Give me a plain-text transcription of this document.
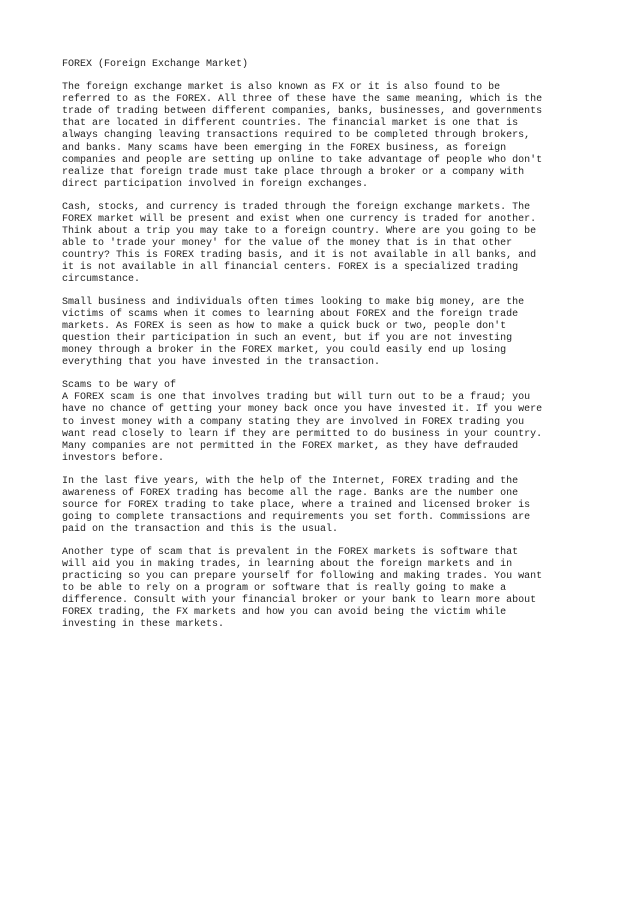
FOREX (Foreign Exchange Market)
The foreign exchange market is also known as FX or it is also found to be
referred to as the FOREX. All three of these have the same meaning, which is the
trade of trading between different companies, banks, businesses, and governments
that are located in different countries. The financial market is one that is
always changing leaving transactions required to be completed through brokers,
and banks. Many scams have been emerging in the FOREX business, as foreign
companies and people are setting up online to take advantage of people who don't
realize that foreign trade must take place through a broker or a company with
direct participation involved in foreign exchanges.
Cash, stocks, and currency is traded through the foreign exchange markets. The
FOREX market will be present and exist when one currency is traded for another.
Think about a trip you may take to a foreign country. Where are you going to be
able to 'trade your money' for the value of the money that is in that other
country? This is FOREX trading basis, and it is not available in all banks, and
it is not available in all financial centers. FOREX is a specialized trading
circumstance.
Small business and individuals often times looking to make big money, are the
victims of scams when it comes to learning about FOREX and the foreign trade
markets. As FOREX is seen as how to make a quick buck or two, people don't
question their participation in such an event, but if you are not investing
money through a broker in the FOREX market, you could easily end up losing
everything that you have invested in the transaction.
Scams to be wary of
A FOREX scam is one that involves trading but will turn out to be a fraud; you
have no chance of getting your money back once you have invested it. If you were
to invest money with a company stating they are involved in FOREX trading you
want read closely to learn if they are permitted to do business in your country.
Many companies are not permitted in the FOREX market, as they have defrauded
investors before.
In the last five years, with the help of the Internet, FOREX trading and the
awareness of FOREX trading has become all the rage. Banks are the number one
source for FOREX trading to take place, where a trained and licensed broker is
going to complete transactions and requirements you set forth. Commissions are
paid on the transaction and this is the usual.
Another type of scam that is prevalent in the FOREX markets is software that
will aid you in making trades, in learning about the foreign markets and in
practicing so you can prepare yourself for following and making trades. You want
to be able to rely on a program or software that is really going to make a
difference. Consult with your financial broker or your bank to learn more about
FOREX trading, the FX markets and how you can avoid being the victim while
investing in these markets.
